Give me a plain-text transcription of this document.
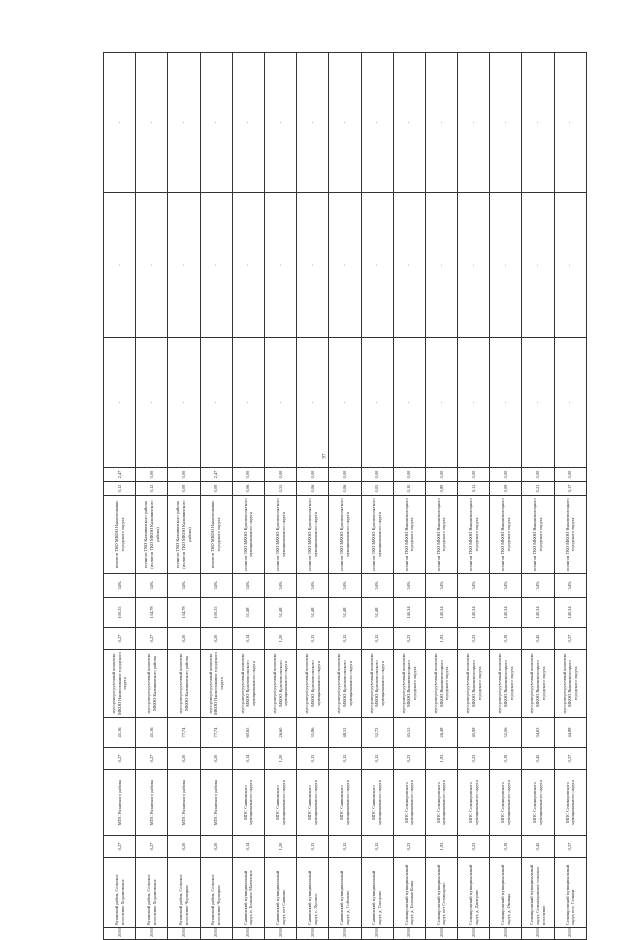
97
2030	Рязанский район, Сельское поселение Хорошовское	0,27	МПС Рязанского района	0,27	45,16	мусороперегрузочный комплекс МКОО Наименование городского округа	0,27	100,35	34%	полигон ТКО МКОО Наименование городского округа	0,12	2,47	-	-	-
2030	Рязанский район, Сельское поселение Хорошовское	0,27	МПС Рязанского района	0,27	45,16	мусороперегрузочный комплекс МКОО Калининского района	0,27	134,78	34%	полигон ТКО Калининского района (полигон ТКО МКОО Калининского района)	0,12	0,00	-	-	-
2030	Рязанский район, Сельское поселение Чернецкое	0,20	МПС Рязанского района	0,20	77,74	мусороперегрузочный комплекс МКОО Калининского района	0,20	134,78	34%	полигон ТКО Калининского района (полигон ТКО МКОО Калининского района)	0,09	0,00	-	-	-
2030	Рязанский район, Сельское поселение Чернецкое	0,20	МПС Рязанского района	0,20	77,74	мусороперегрузочный комплекс МКОО Наименование городского округа	0,20	100,35	34%	полигон ТКО МКОО Наименование городского округа	0,09	2,47	-	-	-
2030	Саввинский муниципальный округ, п. Большое Маленское	0,14	МПС Саввинского муниципального округа	0,14	60,65	мусороперегрузочный комплекс МКОО Краснопольского муниципального округа	0,14	51,48	54%	полигон ТКО МКОО Краснопольского муниципального округа	0,06	0,00	-	-	-
2030	Саввинский муниципальный округ, пгт Саввино	1,20	МПС Саввинского муниципального округа	1,20	26,60	мусороперегрузочный комплекс МКОО Краснопольского муниципального округа	1,20	51,48	54%	полигон ТКО МКОО Краснопольского муниципального округа	0,55	0,00	-	-	-
2030	Саввинский муниципальный округ, с. Луговое	0,13	МПС Саввинского муниципального округа	0,13	35,86	мусороперегрузочный комплекс МКОО Краснопольского муниципального округа	0,13	51,48	54%	полигон ТКО МКОО Краснопольского муниципального округа	0,06	0,00	-	-	-
2030	Саввинский муниципальный округ, д. Соболево	0,12	МПС Саввинского муниципального округа	0,12	48,52	мусороперегрузочный комплекс МКОО Краснопольского муниципального округа	0,12	51,48	54%	полигон ТКО МКОО Краснопольского муниципального округа	0,06	0,00	-	-	-
2030	Саввинский муниципальный округ, д. Топорово	0,12	МПС Саввинского муниципального округа	0,12	32,72	мусороперегрузочный комплекс МКОО Краснопольского муниципального округа	0,12	51,48	54%	полигон ТКО МКОО Краснопольского муниципального округа	0,05	0,00	-	-	-
2030	Селиваровский муниципальный округ, д. Большая Коша	0,23	МПС Селиваровского муниципального округа	0,23	45,55	мусороперегрузочный комплекс МКОО Вышневолоцкого городского округа	0,23	140,34	54%	полигон ТКО МКОО Вышневолоцкого городского округа	0,10	0,00	-	-	-
2030	Селиваровский муниципальный округ, пгт Селижарово	1,93	МПС Селиваровского муниципального округа	1,93	26,48	мусороперегрузочный комплекс МКОО Вышневолоцкого городского округа	1,93	140,34	54%	полигон ТКО МКОО Вышневолоцкого городского округа	0,89	0,00	-	-	-
2030	Селиваровский муниципальный округ, д. Дмитрово	0,23	МПС Селиваровского муниципального округа	0,23	40,98	мусороперегрузочный комплекс МКОО Вышневолоцкого городского округа	0,23	140,34	54%	полигон ТКО МКОО Вышневолоцкого городского округа	0,11	0,00	-	-	-
2030	Селиваровский муниципальный округ, д. Оковцы	0,19	МПС Селиваровского муниципального округа	0,19	52,06	мусороперегрузочный комплекс МКОО Вышневолоцкого городского округа	0,19	140,34	54%	полигон ТКО МКОО Вышневолоцкого городского округа	0,09	0,00	-	-	-
2030	Селиваровский муниципальный округ, Селижаровское сельское поселение	0,45	МПС Селиваровского муниципального округа	0,45	34,63	мусороперегрузочный комплекс МКОО Вышневолоцкого городского округа	0,45	140,34	54%	полигон ТКО МКОО Вышневолоцкого городского округа	0,21	0,00	-	-	-
2030	Селиваровский муниципальный округ, пос. Селище	0,37	МПС Селиваровского муниципального округа	0,37	44,88	мусороперегрузочный комплекс МКОО Вышневолоцкого городского округа	0,37	140,34	54%	полигон ТКО МКОО Вышневолоцкого городского округа	0,17	0,00	-	-	-
